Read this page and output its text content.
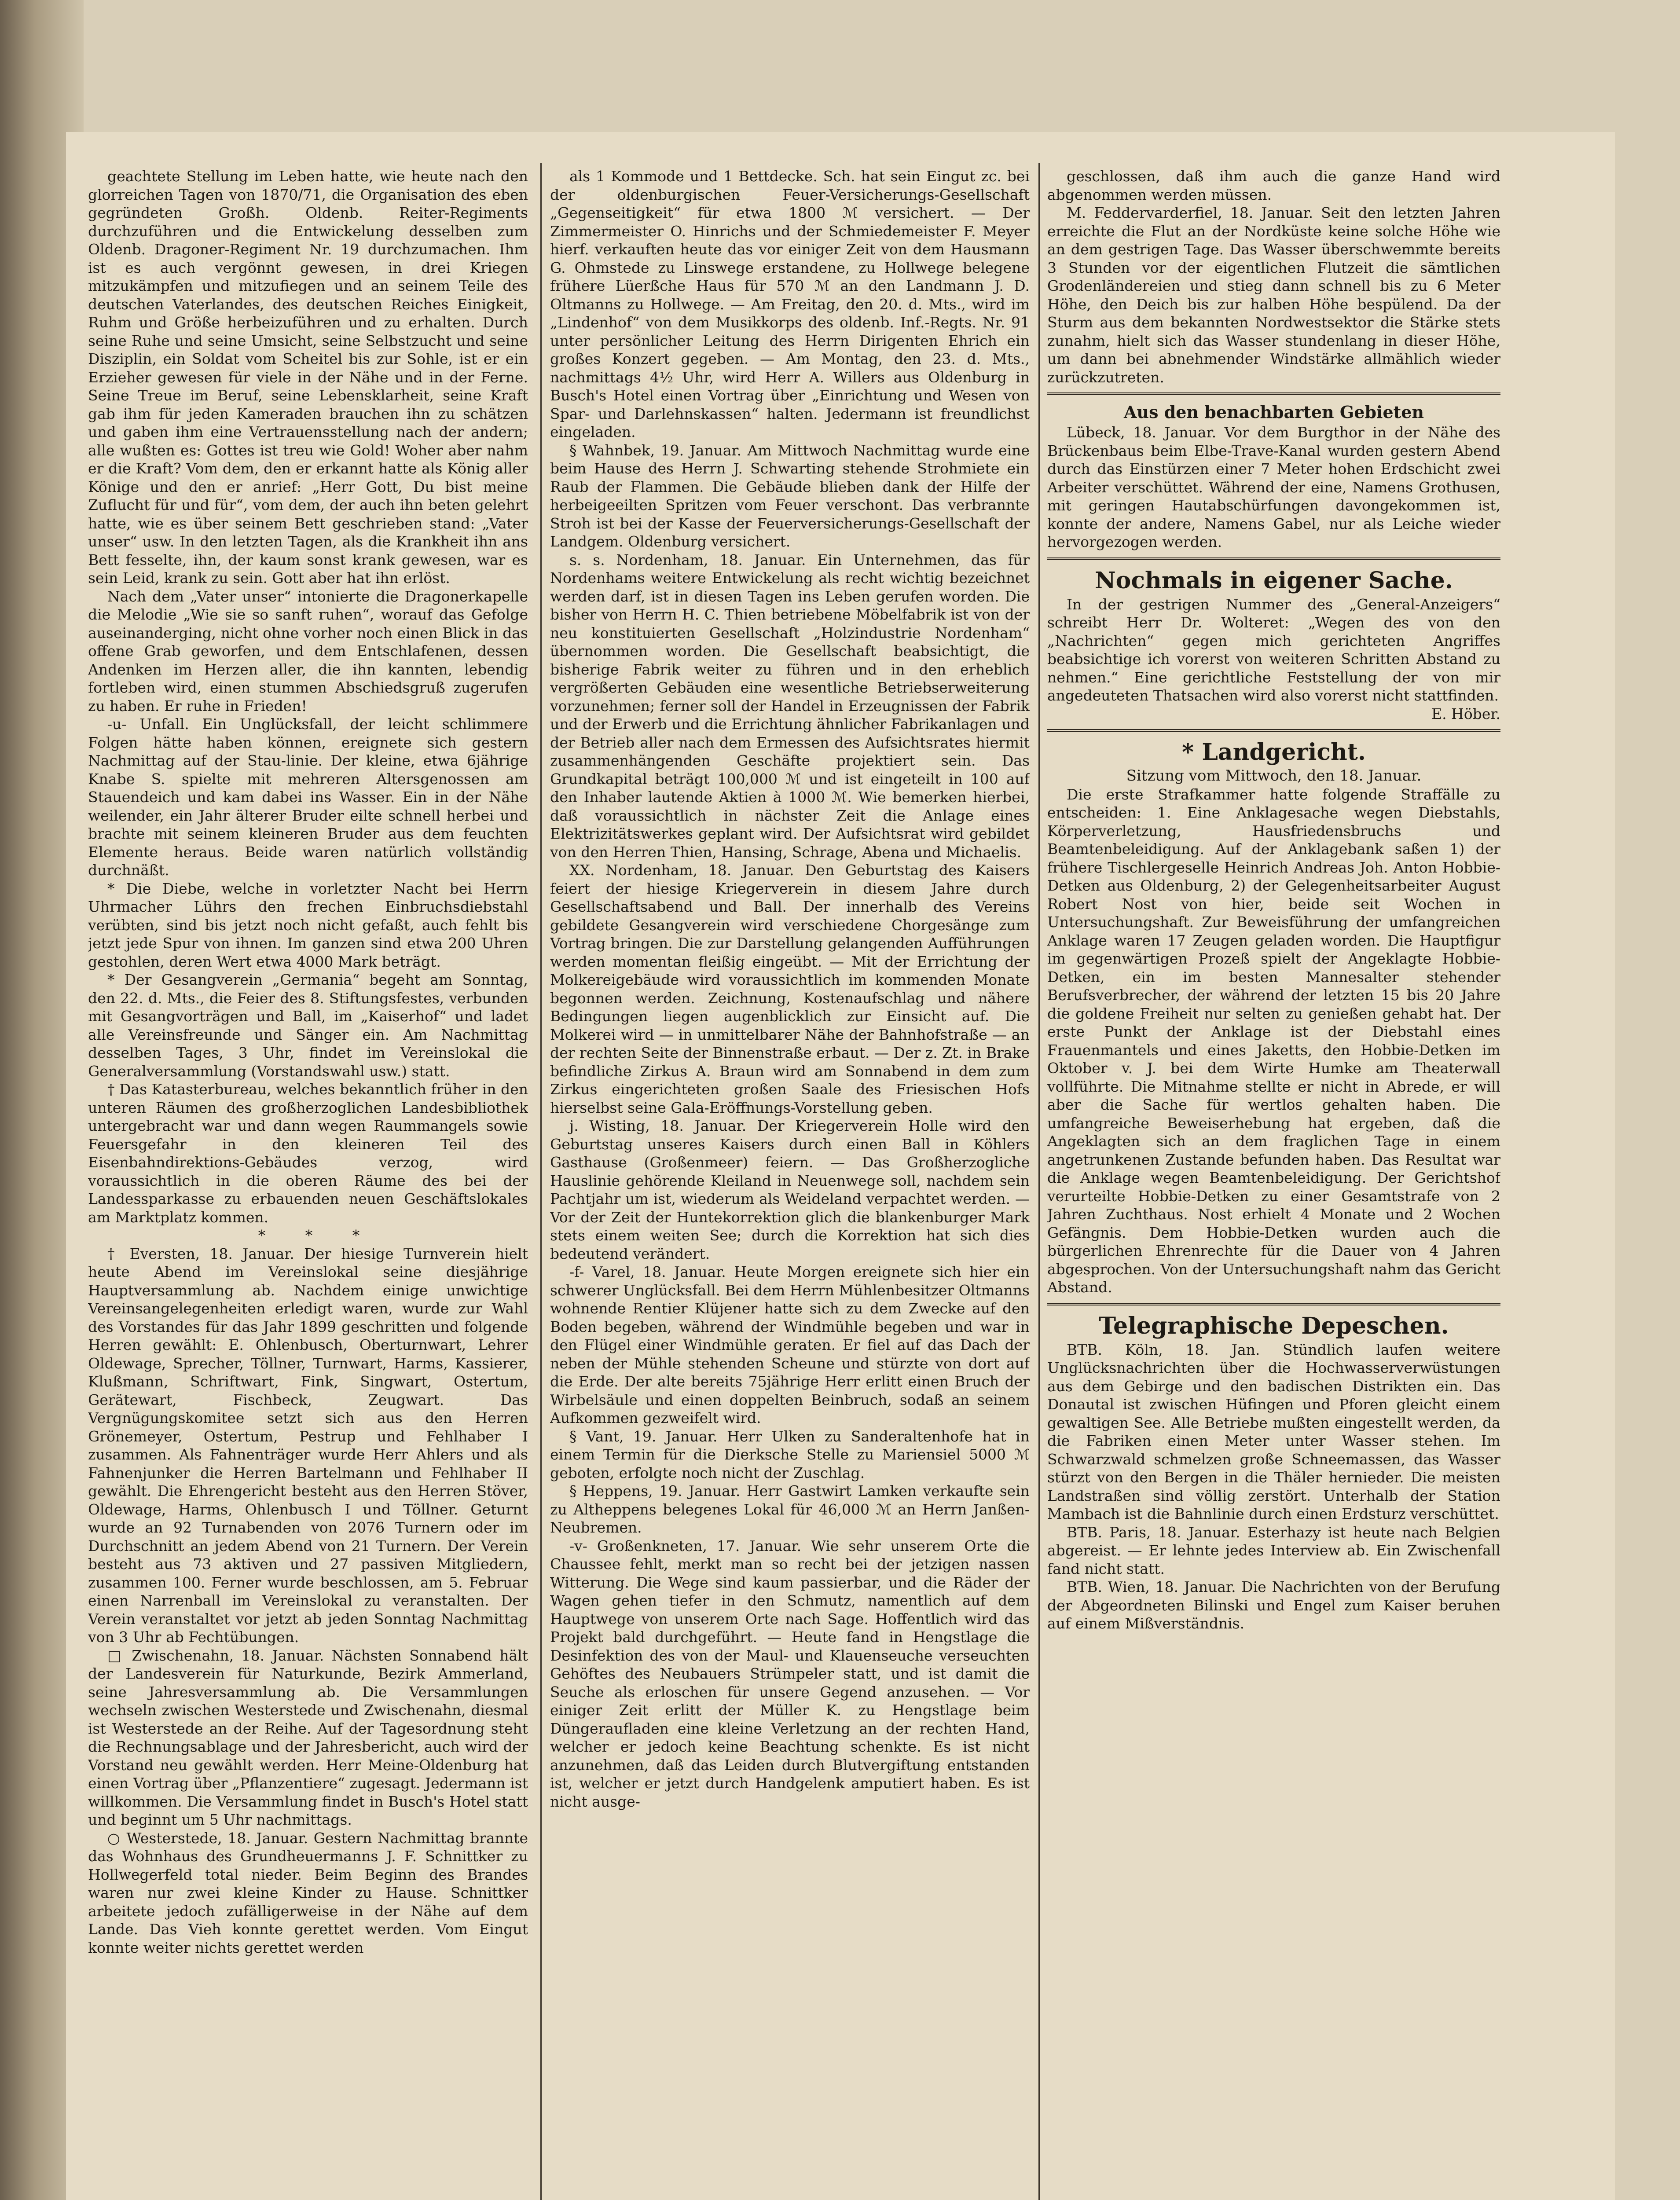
geachtete Stellung im Leben hatte, wie heute nach den glorreichen Tagen von 1870/71, die Organisation des eben gegründeten Großh. Oldenb. Reiter-Regiments durchzuführen und die Entwickelung desselben zum Oldenb. Dragoner-Regiment Nr. 19 durchzumachen. Ihm ist es auch vergönnt gewesen, in drei Kriegen mitzukämpfen und mitzufiegen und an seinem Teile des deutschen Vaterlandes, des deutschen Reiches Einigkeit, Ruhm und Größe herbeizuführen und zu erhalten. Durch seine Ruhe und seine Umsicht, seine Selbstzucht und seine Disziplin, ein Soldat vom Scheitel bis zur Sohle, ist er ein Erzieher gewesen für viele in der Nähe und in der Ferne. Seine Treue im Beruf, seine Lebensklarheit, seine Kraft gab ihm für jeden Kameraden brauchen ihn zu schätzen und gaben ihm eine Vertrauensstellung nach der andern; alle wußten es: Gottes ist treu wie Gold! Woher aber nahm er die Kraft? Vom dem, den er erkannt hatte als König aller Könige und den er anrief: „Herr Gott, Du bist meine Zuflucht für und für“, vom dem, der auch ihn beten gelehrt hatte, wie es über seinem Bett geschrieben stand: „Vater unser“ usw. In den letzten Tagen, als die Krankheit ihn ans Bett fesselte, ihn, der kaum sonst krank gewesen, war es sein Leid, krank zu sein. Gott aber hat ihn erlöst.

Nach dem „Vater unser“ intonierte die Dragonerkapelle die Melodie „Wie sie so sanft ruhen“, worauf das Gefolge auseinanderging, nicht ohne vorher noch einen Blick in das offene Grab geworfen, und dem Entschlafenen, dessen Andenken im Herzen aller, die ihn kannten, lebendig fortleben wird, einen stummen Abschiedsgruß zugerufen zu haben. Er ruhe in Frieden!

-u- Unfall. Ein Unglücksfall, der leicht schlimmere Folgen hätte haben können, ereignete sich gestern Nachmittag auf der Stau-linie. Der kleine, etwa 6jährige Knabe S. spielte mit mehreren Altersgenossen am Stauendeich und kam dabei ins Wasser. Ein in der Nähe weilender, ein Jahr älterer Bruder eilte schnell herbei und brachte mit seinem kleineren Bruder aus dem feuchten Elemente heraus. Beide waren natürlich vollständig durchnäßt.

* Die Diebe, welche in vorletzter Nacht bei Herrn Uhrmacher Lührs den frechen Einbruchsdiebstahl verübten, sind bis jetzt noch nicht gefaßt, auch fehlt bis jetzt jede Spur von ihnen. Im ganzen sind etwa 200 Uhren gestohlen, deren Wert etwa 4000 Mark beträgt.

* Der Gesangverein „Germania“ begeht am Sonntag, den 22. d. Mts., die Feier des 8. Stiftungsfestes, verbunden mit Gesangvorträgen und Ball, im „Kaiserhof“ und ladet alle Vereinsfreunde und Sänger ein. Am Nachmittag desselben Tages, 3 Uhr, findet im Vereinslokal die Generalversammlung (Vorstandswahl usw.) statt.

† Das Katasterbureau, welches bekanntlich früher in den unteren Räumen des großherzoglichen Landesbibliothek untergebracht war und dann wegen Raummangels sowie Feuersgefahr in den kleineren Teil des Eisenbahndirektions-Gebäudes verzog, wird voraussichtlich in die oberen Räume des bei der Landessparkasse zu erbauenden neuen Geschäftslokales am Marktplatz kommen.

* * *

† Eversten, 18. Januar. Der hiesige Turnverein hielt heute Abend im Vereinslokal seine diesjährige Hauptversammlung ab. Nachdem einige unwichtige Vereinsangelegenheiten erledigt waren, wurde zur Wahl des Vorstandes für das Jahr 1899 geschritten und folgende Herren gewählt: E. Ohlenbusch, Oberturnwart, Lehrer Oldewage, Sprecher, Töllner, Turnwart, Harms, Kassierer, Klußmann, Schriftwart, Fink, Singwart, Ostertum, Gerätewart, Fischbeck, Zeugwart. Das Vergnügungskomitee setzt sich aus den Herren Grönemeyer, Ostertum, Pestrup und Fehlhaber I zusammen. Als Fahnenträger wurde Herr Ahlers und als Fahnenjunker die Herren Bartelmann und Fehlhaber II gewählt. Die Ehrengericht besteht aus den Herren Stöver, Oldewage, Harms, Ohlenbusch I und Töllner. Geturnt wurde an 92 Turnabenden von 2076 Turnern oder im Durchschnitt an jedem Abend von 21 Turnern. Der Verein besteht aus 73 aktiven und 27 passiven Mitgliedern, zusammen 100. Ferner wurde beschlossen, am 5. Februar einen Narrenball im Vereinslokal zu veranstalten. Der Verein veranstaltet vor jetzt ab jeden Sonntag Nachmittag von 3 Uhr ab Fechtübungen.

□ Zwischenahn, 18. Januar. Nächsten Sonnabend hält der Landesverein für Naturkunde, Bezirk Ammerland, seine Jahresversammlung ab. Die Versammlungen wechseln zwischen Westerstede und Zwischenahn, diesmal ist Westerstede an der Reihe. Auf der Tagesordnung steht die Rechnungsablage und der Jahresbericht, auch wird der Vorstand neu gewählt werden. Herr Meine-Oldenburg hat einen Vortrag über „Pflanzentiere“ zugesagt. Jedermann ist willkommen. Die Versammlung findet in Busch's Hotel statt und beginnt um 5 Uhr nachmittags.

○ Westerstede, 18. Januar. Gestern Nachmittag brannte das Wohnhaus des Grundheuermanns J. F. Schnittker zu Hollwegerfeld total nieder. Beim Beginn des Brandes waren nur zwei kleine Kinder zu Hause. Schnittker arbeitete jedoch zufälligerweise in der Nähe auf dem Lande. Das Vieh konnte gerettet werden. Vom Eingut konnte weiter nichts gerettet werden

als 1 Kommode und 1 Bettdecke. Sch. hat sein Eingut zc. bei der oldenburgischen Feuer-Versicherungs-Gesellschaft „Gegenseitigkeit“ für etwa 1800 ℳ versichert. — Der Zimmermeister O. Hinrichs und der Schmiedemeister F. Meyer hierf. verkauften heute das vor einiger Zeit von dem Hausmann G. Ohmstede zu Linswege erstandene, zu Hollwege belegene frühere Lüerßche Haus für 570 ℳ an den Landmann J. D. Oltmanns zu Hollwege. — Am Freitag, den 20. d. Mts., wird im „Lindenhof“ von dem Musikkorps des oldenb. Inf.-Regts. Nr. 91 unter persönlicher Leitung des Herrn Dirigenten Ehrich ein großes Konzert gegeben. — Am Montag, den 23. d. Mts., nachmittags 4½ Uhr, wird Herr A. Willers aus Oldenburg in Busch's Hotel einen Vortrag über „Einrichtung und Wesen von Spar- und Darlehnskassen“ halten. Jedermann ist freundlichst eingeladen.

§ Wahnbek, 19. Januar. Am Mittwoch Nachmittag wurde eine beim Hause des Herrn J. Schwarting stehende Strohmiete ein Raub der Flammen. Die Gebäude blieben dank der Hilfe der herbeigeeilten Spritzen vom Feuer verschont. Das verbrannte Stroh ist bei der Kasse der Feuerversicherungs-Gesellschaft der Landgem. Oldenburg versichert.

s. s. Nordenham, 18. Januar. Ein Unternehmen, das für Nordenhams weitere Entwickelung als recht wichtig bezeichnet werden darf, ist in diesen Tagen ins Leben gerufen worden. Die bisher von Herrn H. C. Thien betriebene Möbelfabrik ist von der neu konstituierten Gesellschaft „Holzindustrie Nordenham“ übernommen worden. Die Gesellschaft beabsichtigt, die bisherige Fabrik weiter zu führen und in den erheblich vergrößerten Gebäuden eine wesentliche Betriebserweiterung vorzunehmen; ferner soll der Handel in Erzeugnissen der Fabrik und der Erwerb und die Errichtung ähnlicher Fabrikanlagen und der Betrieb aller nach dem Ermessen des Aufsichtsrates hiermit zusammenhängenden Geschäfte projektiert sein. Das Grundkapital beträgt 100,000 ℳ und ist eingeteilt in 100 auf den Inhaber lautende Aktien à 1000 ℳ. Wie bemerken hierbei, daß voraussichtlich in nächster Zeit die Anlage eines Elektrizitätswerkes geplant wird. Der Aufsichtsrat wird gebildet von den Herren Thien, Hansing, Schrage, Abena und Michaelis.

XX. Nordenham, 18. Januar. Den Geburtstag des Kaisers feiert der hiesige Kriegerverein in diesem Jahre durch Gesellschaftsabend und Ball. Der innerhalb des Vereins gebildete Gesangverein wird verschiedene Chorgesänge zum Vortrag bringen. Die zur Darstellung gelangenden Aufführungen werden momentan fleißig eingeübt. — Mit der Errichtung der Molkereigebäude wird voraussichtlich im kommenden Monate begonnen werden. Zeichnung, Kostenaufschlag und nähere Bedingungen liegen augenblicklich zur Einsicht auf. Die Molkerei wird — in unmittelbarer Nähe der Bahnhofstraße — an der rechten Seite der Binnenstraße erbaut. — Der z. Zt. in Brake befindliche Zirkus A. Braun wird am Sonnabend in dem zum Zirkus eingerichteten großen Saale des Friesischen Hofs hierselbst seine Gala-Eröffnungs-Vorstellung geben.

j. Wisting, 18. Januar. Der Kriegerverein Holle wird den Geburtstag unseres Kaisers durch einen Ball in Köhlers Gasthause (Großenmeer) feiern. — Das Großherzogliche Hauslinie gehörende Kleiland in Neuenwege soll, nachdem sein Pachtjahr um ist, wiederum als Weideland verpachtet werden. — Vor der Zeit der Huntekorrektion glich die blankenburger Mark stets einem weiten See; durch die Korrektion hat sich dies bedeutend verändert.

-f- Varel, 18. Januar. Heute Morgen ereignete sich hier ein schwerer Unglücksfall. Bei dem Herrn Mühlenbesitzer Oltmanns wohnende Rentier Klüjener hatte sich zu dem Zwecke auf den Boden begeben, während der Windmühle begeben und war in den Flügel einer Windmühle geraten. Er fiel auf das Dach der neben der Mühle stehenden Scheune und stürzte von dort auf die Erde. Der alte bereits 75jährige Herr erlitt einen Bruch der Wirbelsäule und einen doppelten Beinbruch, sodaß an seinem Aufkommen gezweifelt wird.

§ Vant, 19. Januar. Herr Ulken zu Sanderaltenhofe hat in einem Termin für die Dierksche Stelle zu Mariensiel 5000 ℳ geboten, erfolgte noch nicht der Zuschlag.

§ Heppens, 19. Januar. Herr Gastwirt Lamken verkaufte sein zu Altheppens belegenes Lokal für 46,000 ℳ an Herrn Janßen-Neubremen.

-v- Großenkneten, 17. Januar. Wie sehr unserem Orte die Chaussee fehlt, merkt man so recht bei der jetzigen nassen Witterung. Die Wege sind kaum passierbar, und die Räder der Wagen gehen tiefer in den Schmutz, namentlich auf dem Hauptwege von unserem Orte nach Sage. Hoffentlich wird das Projekt bald durchgeführt. — Heute fand in Hengstlage die Desinfektion des von der Maul- und Klauenseuche verseuchten Gehöftes des Neubauers Strümpeler statt, und ist damit die Seuche als erloschen für unsere Gegend anzusehen. — Vor einiger Zeit erlitt der Müller K. zu Hengstlage beim Düngeraufladen eine kleine Verletzung an der rechten Hand, welcher er jedoch keine Beachtung schenkte. Es ist nicht anzunehmen, daß das Leiden durch Blutvergiftung entstanden ist, welcher er jetzt durch Handgelenk amputiert haben. Es ist nicht ausge-

geschlossen, daß ihm auch die ganze Hand wird abgenommen werden müssen.

M. Feddervarderfiel, 18. Januar. Seit den letzten Jahren erreichte die Flut an der Nordküste keine solche Höhe wie an dem gestrigen Tage. Das Wasser überschwemmte bereits 3 Stunden vor der eigentlichen Flutzeit die sämtlichen Grodenländereien und stieg dann schnell bis zu 6 Meter Höhe, den Deich bis zur halben Höhe bespülend. Da der Sturm aus dem bekannten Nordwestsektor die Stärke stets zunahm, hielt sich das Wasser stundenlang in dieser Höhe, um dann bei abnehmender Windstärke allmählich wieder zurückzutreten.

Aus den benachbarten Gebieten

Lübeck, 18. Januar. Vor dem Burgthor in der Nähe des Brückenbaus beim Elbe-Trave-Kanal wurden gestern Abend durch das Einstürzen einer 7 Meter hohen Erdschicht zwei Arbeiter verschüttet. Während der eine, Namens Grothusen, mit geringen Hautabschürfungen davongekommen ist, konnte der andere, Namens Gabel, nur als Leiche wieder hervorgezogen werden.

Nochmals in eigener Sache.

In der gestrigen Nummer des „General-Anzeigers“ schreibt Herr Dr. Wolteret: „Wegen des von den „Nachrichten“ gegen mich gerichteten Angriffes beabsichtige ich vorerst von weiteren Schritten Abstand zu nehmen.“ Eine gerichtliche Feststellung der von mir angedeuteten Thatsachen wird also vorerst nicht stattfinden.

E. Höber.

* Landgericht.

Sitzung vom Mittwoch, den 18. Januar.

Die erste Strafkammer hatte folgende Straffälle zu entscheiden: 1. Eine Anklagesache wegen Diebstahls, Körperverletzung, Hausfriedensbruchs und Beamtenbeleidigung. Auf der Anklagebank saßen 1) der frühere Tischlergeselle Heinrich Andreas Joh. Anton Hobbie-Detken aus Oldenburg, 2) der Gelegenheitsarbeiter August Robert Nost von hier, beide seit Wochen in Untersuchungshaft. Zur Beweisführung der umfangreichen Anklage waren 17 Zeugen geladen worden. Die Hauptfigur im gegenwärtigen Prozeß spielt der Angeklagte Hobbie-Detken, ein im besten Mannesalter stehender Berufsverbrecher, der während der letzten 15 bis 20 Jahre die goldene Freiheit nur selten zu genießen gehabt hat. Der erste Punkt der Anklage ist der Diebstahl eines Frauenmantels und eines Jaketts, den Hobbie-Detken im Oktober v. J. bei dem Wirte Humke am Theaterwall vollführte. Die Mitnahme stellte er nicht in Abrede, er will aber die Sache für wertlos gehalten haben. Die umfangreiche Beweiserhebung hat ergeben, daß die Angeklagten sich an dem fraglichen Tage in einem angetrunkenen Zustande befunden haben. Das Resultat war die Anklage wegen Beamtenbeleidigung. Der Gerichtshof verurteilte Hobbie-Detken zu einer Gesamtstrafe von 2 Jahren Zuchthaus. Nost erhielt 4 Monate und 2 Wochen Gefängnis. Dem Hobbie-Detken wurden auch die bürgerlichen Ehrenrechte für die Dauer von 4 Jahren abgesprochen. Von der Untersuchungshaft nahm das Gericht Abstand.

Telegraphische Depeschen.

BTB. Köln, 18. Jan. Stündlich laufen weitere Unglücksnachrichten über die Hochwasserverwüstungen aus dem Gebirge und den badischen Distrikten ein. Das Donautal ist zwischen Hüfingen und Pforen gleicht einem gewaltigen See. Alle Betriebe mußten eingestellt werden, da die Fabriken einen Meter unter Wasser stehen. Im Schwarzwald schmelzen große Schneemassen, das Wasser stürzt von den Bergen in die Thäler hernieder. Die meisten Landstraßen sind völlig zerstört. Unterhalb der Station Mambach ist die Bahnlinie durch einen Erdsturz verschüttet.

BTB. Paris, 18. Januar. Esterhazy ist heute nach Belgien abgereist. — Er lehnte jedes Interview ab. Ein Zwischenfall fand nicht statt.

BTB. Wien, 18. Januar. Die Nachrichten von der Berufung der Abgeordneten Bilinski und Engel zum Kaiser beruhen auf einem Mißverständnis.
